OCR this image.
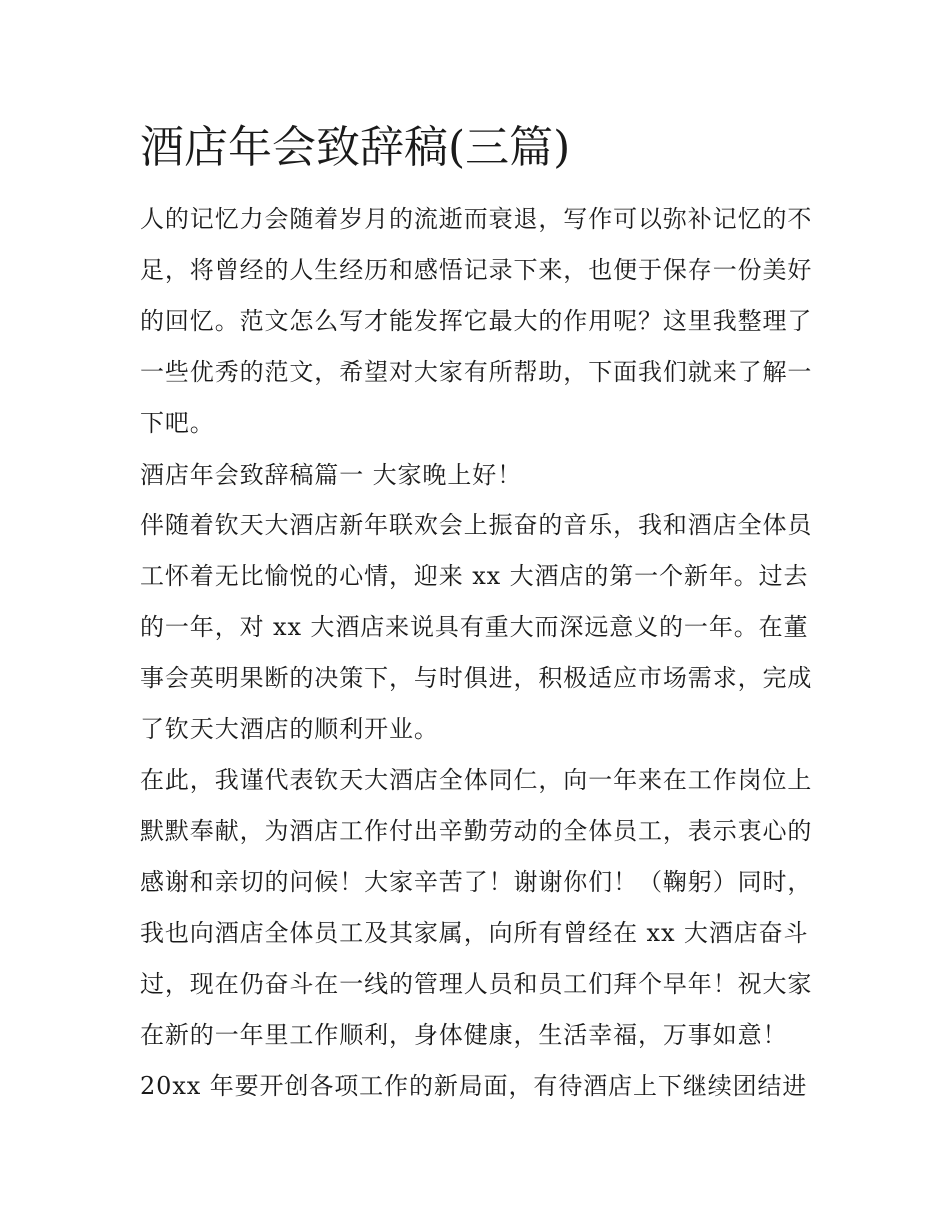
酒店年会致辞稿(三篇)

人的记忆力会随着岁月的流逝而衰退，写作可以弥补记忆的不

足，将曾经的人生经历和感悟记录下来，也便于保存一份美好

的回忆。范文怎么写才能发挥它最大的作用呢？这里我整理了

一些优秀的范文，希望对大家有所帮助，下面我们就来了解一

下吧。

酒店年会致辞稿篇一 大家晚上好！

伴随着钦天大酒店新年联欢会上振奋的音乐，我和酒店全体员

工怀着无比愉悦的心情，迎来 xx 大酒店的第一个新年。过去

的一年，对 xx 大酒店来说具有重大而深远意义的一年。在董

事会英明果断的决策下，与时俱进，积极适应市场需求，完成

了钦天大酒店的顺利开业。

在此，我谨代表钦天大酒店全体同仁，向一年来在工作岗位上

默默奉献，为酒店工作付出辛勤劳动的全体员工，表示衷心的

感谢和亲切的问候！大家辛苦了！谢谢你们！（鞠躬）同时，

我也向酒店全体员工及其家属，向所有曾经在 xx 大酒店奋斗

过，现在仍奋斗在一线的管理人员和员工们拜个早年！祝大家

在新的一年里工作顺利，身体健康，生活幸福，万事如意！

20xx 年要开创各项工作的新局面，有待酒店上下继续团结进
